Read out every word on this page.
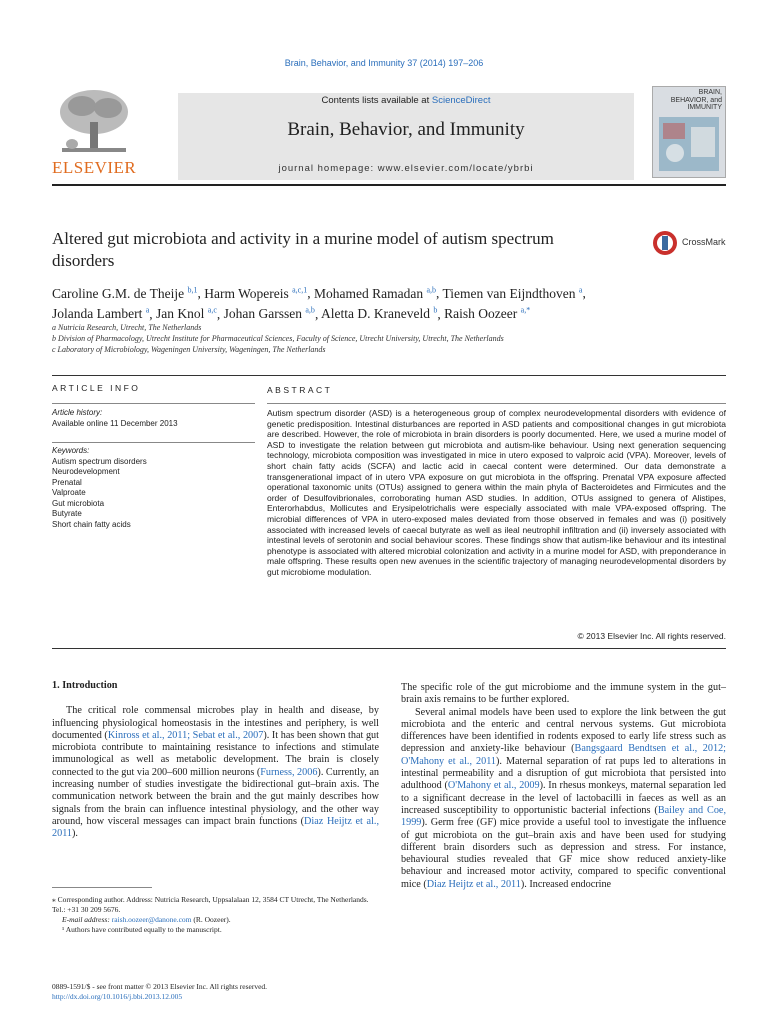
Brain, Behavior, and Immunity 37 (2014) 197–206
ELSEVIER
Contents lists available at ScienceDirect
Brain, Behavior, and Immunity
journal homepage: www.elsevier.com/locate/ybrbi
BRAIN, BEHAVIOR, and IMMUNITY
Altered gut microbiota and activity in a murine model of autism spectrum disorders
CrossMark
Caroline G.M. de Theije $^{b,1}$, Harm Wopereis $^{a,c,1}$, Mohamed Ramadan $^{a,b}$, Tiemen van Eijndthoven $^a$,
Jolanda Lambert $^a$, Jan Knol $^{a,c}$, Johan Garssen $^{a,b}$, Aletta D. Kraneveld $^b$, Raish Oozeer $^{a,*}$
a Nutricia Research, Utrecht, The Netherlands
b Division of Pharmacology, Utrecht Institute for Pharmaceutical Sciences, Faculty of Science, Utrecht University, Utrecht, The Netherlands
c Laboratory of Microbiology, Wageningen University, Wageningen, The Netherlands
ARTICLE INFO
Article history:
Available online 11 December 2013
Keywords:
Autism spectrum disorders
Neurodevelopment
Prenatal
Valproate
Gut microbiota
Butyrate
Short chain fatty acids
ABSTRACT
Autism spectrum disorder (ASD) is a heterogeneous group of complex neurodevelopmental disorders with evidence of genetic predisposition. Intestinal disturbances are reported in ASD patients and compositional changes in gut microbiota are described. However, the role of microbiota in brain disorders is poorly documented. Here, we used a murine model of ASD to investigate the relation between gut microbiota and autism-like behaviour. Using next generation sequencing technology, microbiota composition was investigated in mice in utero exposed to valproic acid (VPA). Moreover, levels of short chain fatty acids (SCFA) and lactic acid in caecal content were determined. Our data demonstrate a transgenerational impact of in utero VPA exposure on gut microbiota in the offspring. Prenatal VPA exposure affected operational taxonomic units (OTUs) assigned to genera within the main phyla of Bacteroidetes and Firmicutes and the order of Desulfovibrionales, corroborating human ASD studies. In addition, OTUs assigned to genera of Alistipes, Enterorhabdus, Mollicutes and Erysipelotrichalis were especially associated with male VPA-exposed offspring. The microbial differences of VPA in utero-exposed males deviated from those observed in females and was (i) positively associated with increased levels of caecal butyrate as well as ileal neutrophil infiltration and (ii) inversely associated with intestinal levels of serotonin and social behaviour scores. These findings show that autism-like behaviour and its intestinal phenotype is associated with altered microbial colonization and activity in a murine model for ASD, with preponderance in male offspring. These results open new avenues in the scientific trajectory of managing neurodevelopmental disorders by gut microbiome modulation.
© 2013 Elsevier Inc. All rights reserved.

1. Introduction

The critical role commensal microbes play in health and disease, by influencing physiological homeostasis in the intestines and periphery, is well documented (Kinross et al., 2011; Sebat et al., 2007). It has been shown that gut microbiota contribute to maintaining resistance to infections and stimulate immunological as well as metabolic development. The brain is closely connected to the gut via 200–600 million neurons (Furness, 2006). Currently, an increasing number of studies investigate the bidirectional gut–brain axis. The communication network between the brain and the gut mainly describes how signals from the brain can influence intestinal physiology, and the other way around, how visceral messages can impact brain functions (Diaz Heijtz et al., 2011).

⁎ Corresponding author. Address: Nutricia Research, Uppsalalaan 12, 3584 CT Utrecht, The Netherlands. Tel.: +31 30 209 5676.
E-mail address: raish.oozeer@danone.com (R. Oozeer).
¹ Authors have contributed equally to the manuscript.

The specific role of the gut microbiome and the immune system in the gut–brain axis remains to be further explored.

Several animal models have been used to explore the link between the gut microbiota and the enteric and central nervous systems. Gut microbiota differences have been identified in rodents exposed to early life stress such as depression and anxiety-like behaviour (Bangsgaard Bendtsen et al., 2012; O'Mahony et al., 2011). Maternal separation of rat pups led to alterations in intestinal permeability and a disruption of gut microbiota that persisted into adulthood (O'Mahony et al., 2009). In rhesus monkeys, maternal separation led to a significant decrease in the level of lactobacilli in faeces as well as an increased susceptibility to opportunistic bacterial infections (Bailey and Coe, 1999). Germ free (GF) mice provide a useful tool to investigate the influence of gut microbiota on the gut–brain axis and have been used for studying different brain disorders such as depression and stress. For instance, behavioural studies revealed that GF mice show reduced anxiety-like behaviour and increased motor activity, compared to specific conventional mice (Diaz Heijtz et al., 2011). Increased endocrine

0889-1591/$ - see front matter © 2013 Elsevier Inc. All rights reserved.
http://dx.doi.org/10.1016/j.bbi.2013.12.005
